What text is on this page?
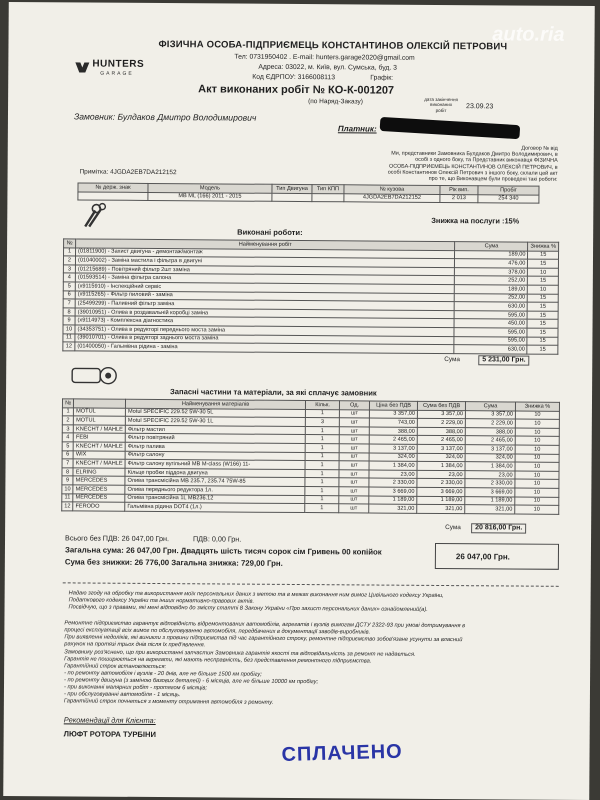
auto.ria
ФІЗИЧНА ОСОБА-ПІДПРИЄМЕЦЬ КОНСТАНТИНОВ ОЛЕКСІЙ ПЕТРОВИЧ
Тел: 0731950402 . E-mail: hunters.garage2020@gmail.com
Адреса: 03022, м. Київ, вул. Сумська, буд. 3
Код ЄДРПОУ: 3166008113	Графік:
HUNTERS
GARAGE
Акт виконаних робіт № КО-К-001207
(по Наряд-Заказу)	дата закінчення виконаних робіт	23.09.23
Замовник: Булдаков Дмитро Володимирович
Платник:
Договор № від
Ми, представники Замовника Булдаков Дмитро Володимирович, в
особі з одного боку, та Представник виконавця ФІЗИЧНА
ОСОБА-ПІДПРИЄМЕЦЬ КОНСТАНТИНОВ ОЛЕКСІЙ ПЕТРОВИЧ, в
особі Константинов Олексій Петрович з іншого боку, склали цей акт
про те, що Виконавцем були проведені такі роботи:
Примітка: 4JGDA2EB7DA212152
№ держ. знак	Модель	Тип Двигуна	Тип КПП	№ кузова	Рік вип.	Пробіг
	MB ML (166) 2011 - 2015			4JGDA2EB7DA212152	2 013	254 340
Знижка на послуги :15%
Виконані роботи:
№	Найменування робіт	Сума	Знижка %
1	(01811900) - Захист двигуна - демонтаж/монтаж	189,00	15
2	(01040002) - Заміна мастила і фільтра в двигуні	476,00	15
3	(01215689) - Повітряний фільтр 2шт заміна	378,00	10
4	(01593514) - Заміна фільтра салона	252,00	15
5	(x9115910) - Інспекційний сервіс	189,00	10
6	(x9115265) - Фільтр пиловий - заміна	252,00	15
7	(25499299) - Паливний фільтр заміна	630,00	15
8	(39010951) - Олива в роздавальній коробці заміна	595,00	15
9	(x9114973) - Комплексна діагностика	450,00	15
10	(34353751) - Олива в редукторі переднього моста заміна	595,00	15
11	(39010701) - Олива в редукторі заднього моста заміна	595,00	15
12	(01400050) - Гальмівна рідина - заміна	630,00	15
Сума	5 231,00 Грн.
Запасні частини та матеріали, за які сплачує замовник
№		Найменування матеріалів	Кільк.	Од.	Ціна без ПДВ	Сума без ПДВ	Сума	Знижка %
1	MOTUL	Motul SPECIFIC 229.52 5W-30 5L	1	шт	3 357,00	3 357,00	3 357,00	10
2	MOTUL	Motul SPECIFIC 229.52 5W-30 1L	3	шт	743,00	2 229,00	2 229,00	10
3	KNECHT / MAHLE	Фільтр мастил	1	шт	388,00	388,00	388,00	10
4	FEBI	Фільтр повітряний	1	шт	2 465,00	2 465,00	2 465,00	10
5	KNECHT / MAHLE	Фільтр палива	1	шт	3 137,00	3 137,00	3 137,00	10
6	WIX	Фільтр салону	1	шт	324,00	324,00	324,00	10
7	KNECHT / MAHLE	Фільтр салону вугільний MB M-class (W166) 11-	1	шт	1 384,00	1 384,00	1 384,00	10
8	ELRING	Кільце пробки піддона двигуна	1	шт	23,00	23,00	23,00	10
9	MERCEDES	Олива трансмісійна MB 235.7, 235.74 75W-85	1	шт	2 330,00	2 330,00	2 330,00	10
10	MERCEDES	Олива переднього редуктора 1л.	1	шт	3 669,00	3 669,00	3 669,00	10
11	MERCEDES	Олива трансмісійна 1L MB236.12	1	шт	1 189,00	1 189,00	1 189,00	10
12	FERODO	Гальмівна рідина DOT4 (1л.)	1	шт	321,00	321,00	321,00	10
Сума	20 816,00 Грн.
Всього без ПДВ: 26 047,00 Грн.	ПДВ: 0,00 Грн.
Загальна сума: 26 047,00 Грн. Двадцять шість тисяч сорок сім Гривень 00 копійок
Сума без знижки: 26 776,00 Загальна знижка: 729,00 Грн.
26 047,00 Грн.
Надаю згоду на обробку та використання моїх персональних даних з метою та в межах виконання ним вимог Цивільного кодексу України,
Податкового кодексу України та інших нормативно-правових актів.
Посвідчую, що з правами, які мені відповідно до змісту статті 8 Закону України «Про захист персональних даних» ознайомлений(а).
Ремонтне підприємство гарантує відповідність відремонтованих автомобілів, агрегатів і вузлів вимогам ДСТУ 2322-93 при умові дотримування в
процесі експлуатації всіх вимог по обслуговуванню автомобіля, передбачених в документації заводів-виробників.
При виявленні недоліків, які виникли з провини підприємства під час гарантійного строку, ремонтне підприємство зобов'язане усунути за власний
рахунок на протязі трьох днів після їх пред'явлення.
Замовнику роз'яснено, що при використанні запчастин Замовника гарантія якості та відповідальність за ремонт не надається.
Гарантія не поширюється на агрегати, які мають несправність, без представлення ремонтного підприємства.
Гарантійний строк встановлюється:
- по ремонту автомобіля і вузлів - 20 днів, але не більше 1500 км пробігу;
- по ремонту двигуна (з заміною базових деталей) - 6 місяців, але не більше 10000 км пробігу;
- при виконанні малярних робіт - протягом 6 місяців;
- при обслуговуванні автомобіля - 1 місяць.
Гарантійний строк почнеться з моменту отримання автомобіля з ремонту.
Рекомендації для Клієнта:
ЛЮФТ РОТОРА ТУРБІНИ
СПЛАЧЕНО
